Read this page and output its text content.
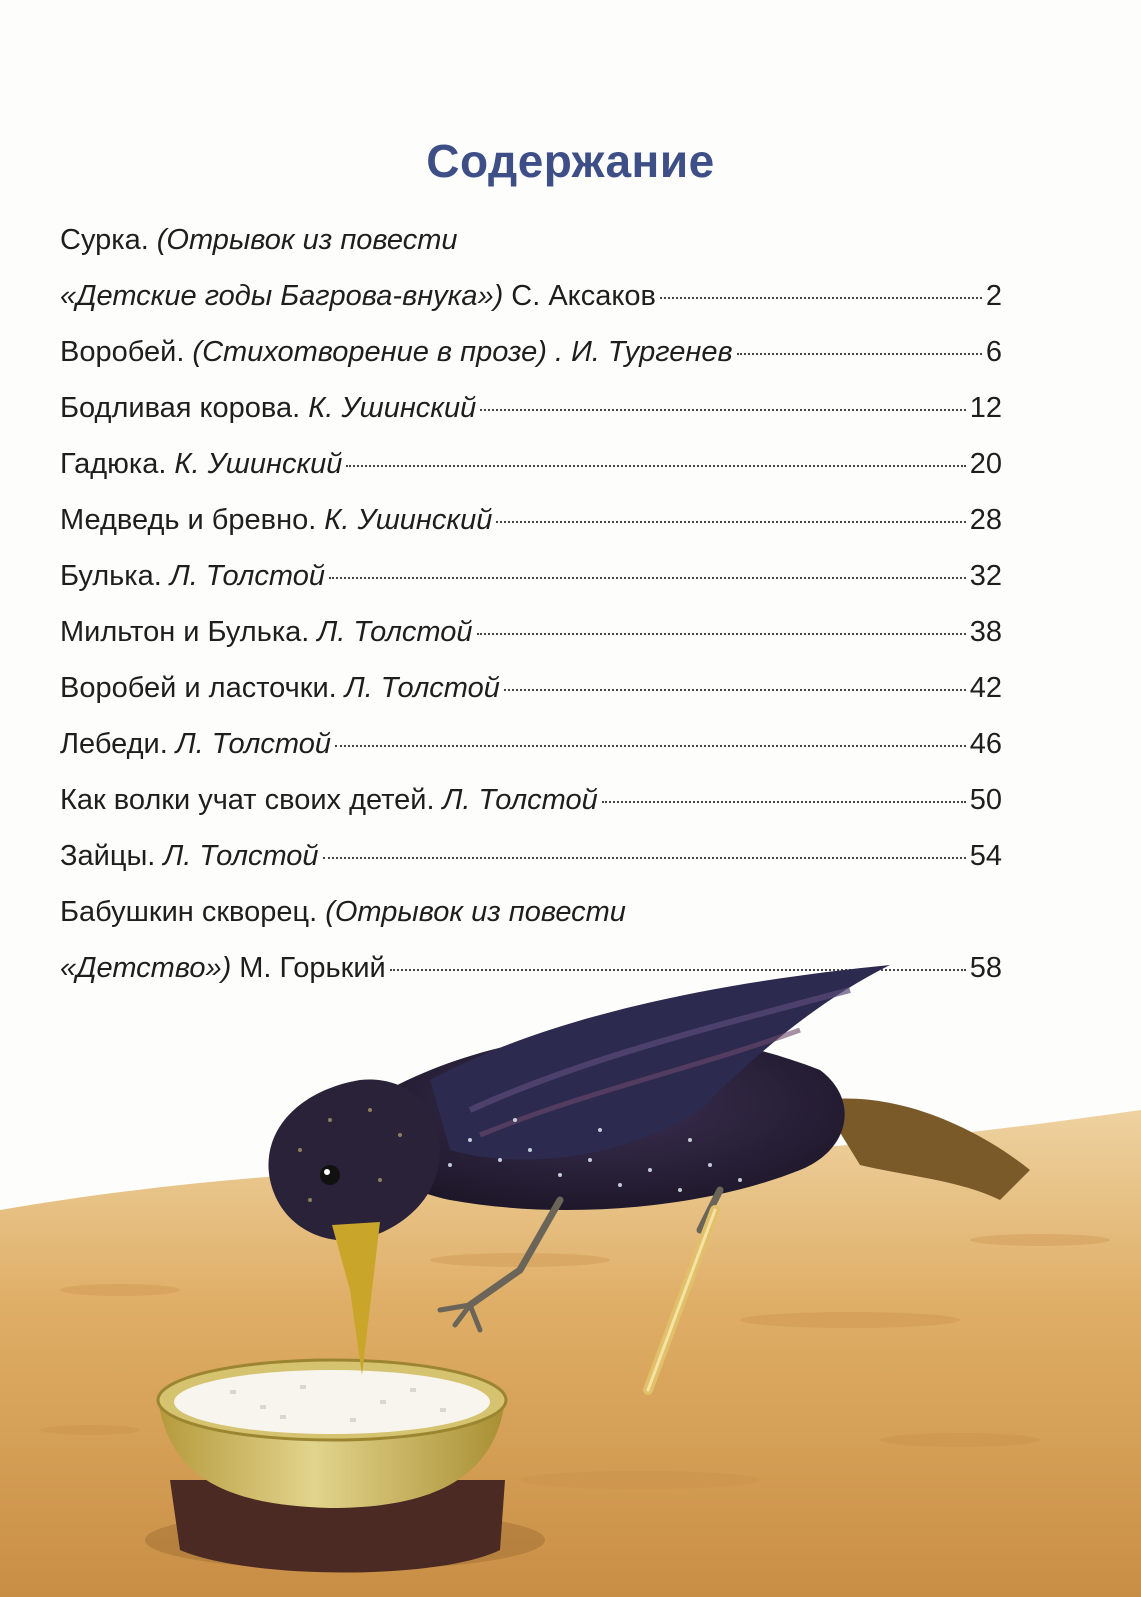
Содержание
Сурка. (Отрывок из повести
«Детские годы Багрова-внука») С. Аксаков	2
Воробей. (Стихотворение в прозе) . И. Тургенев	6
Бодливая корова. К. Ушинский	12
Гадюка. К. Ушинский	20
Медведь и бревно. К. Ушинский	28
Булька. Л. Толстой	32
Мильтон и Булька. Л. Толстой	38
Воробей и ласточки. Л. Толстой	42
Лебеди. Л. Толстой	46
Как волки учат своих детей. Л. Толстой	50
Зайцы. Л. Толстой	54
Бабушкин скворец. (Отрывок из повести
«Детство») М. Горький	58
